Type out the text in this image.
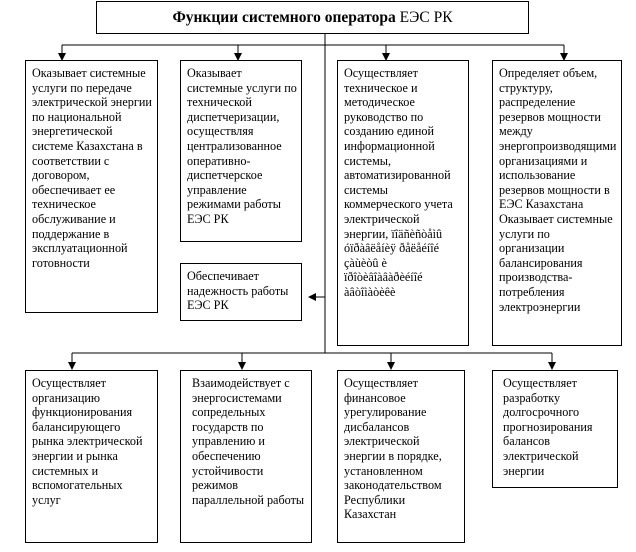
Функции системного оператора ЕЭС РК
Оказывает системные услуги по передаче электрической энергии по национальной энергетической системе Казахстана в соответствии с договором, обеспечивает ее техническое обслуживание и поддержание в эксплуатационной готовности
Оказывает системные услуги по технической диспетчеризации, осуществляя централизованное оперативно-диспетчерское управление режимами работы ЕЭС РК
Осуществляет техническое и методическое руководство по созданию единой информационной системы, автоматизированной системы коммерческого учета электрической энергии, ïîäñèñòåìû óïðàâëåíèÿ ðåëåéíîé çàùèòû è ïðîòèâîàâàðèéíîé àâòîìàòèêè
Определяет объем, структуру, распределение резервов мощности между энергопроизводящими организациями и использование резервов мощности в ЕЭС Казахстана Оказывает системные услуги по организации балансирования производства-потребления электроэнергии
Обеспечивает надежность работы ЕЭС РК
Осуществляет организацию функционирования балансирующего рынка электрической энергии и рынка системных и вспомогательных услуг
Взаимодействует с энергосистемами сопредельных государств по управлению и обеспечению устойчивости режимов параллельной работы
Осуществляет финансовое урегулирование дисбалансов электрической энергии в порядке, установленном законодательством Республики Казахстан
Осуществляет разработку долгосрочного прогнозирования балансов электрической энергии
